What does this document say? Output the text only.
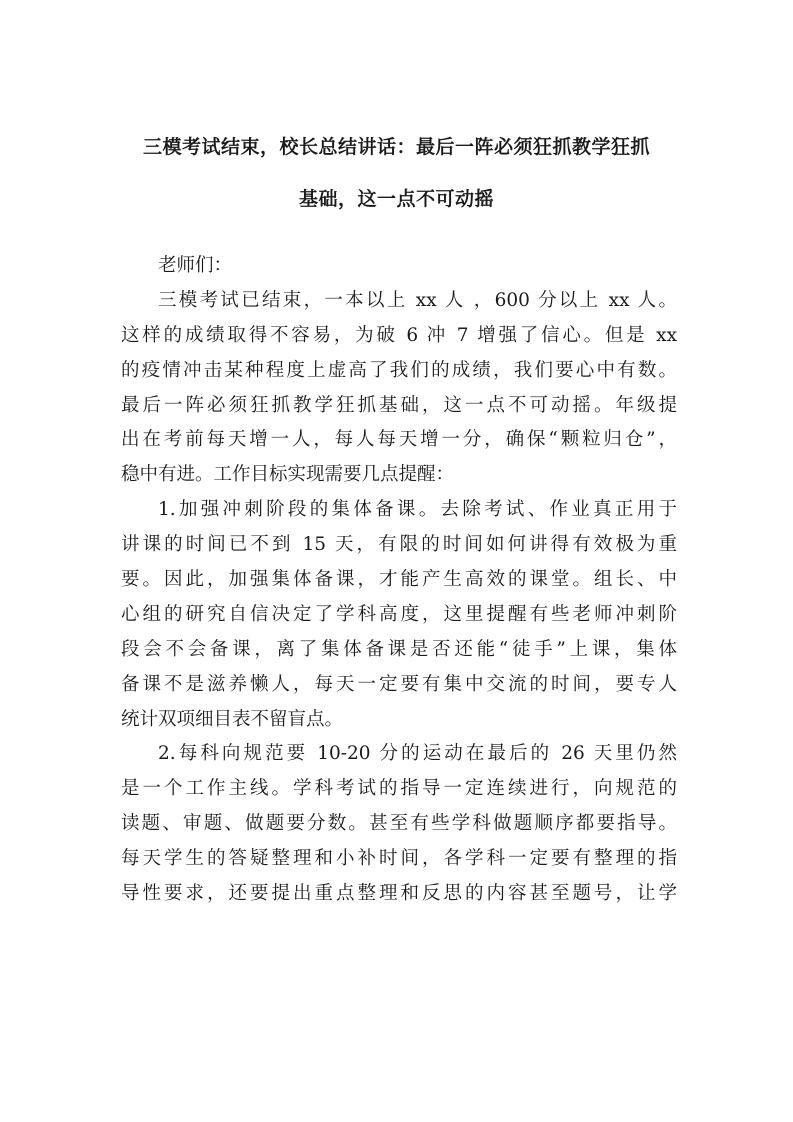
三模考试结束，校长总结讲话：最后一阵必须狂抓教学狂抓
基础，这一点不可动摇
老师们：
三模考试已结束，一本以上 xx 人 ，600 分以上 xx 人。
这样的成绩取得不容易，为破 6 冲 7 增强了信心。但是 xx
的疫情冲击某种程度上虚高了我们的成绩，我们要心中有数。
最后一阵必须狂抓教学狂抓基础，这一点不可动摇。年级提
出在考前每天增一人，每人每天增一分，确保“颗粒归仓”，
稳中有进。工作目标实现需要几点提醒：
1.加强冲刺阶段的集体备课。去除考试、作业真正用于
讲课的时间已不到 15 天，有限的时间如何讲得有效极为重
要。因此，加强集体备课，才能产生高效的课堂。组长、中
心组的研究自信决定了学科高度，这里提醒有些老师冲刺阶
段会不会备课，离了集体备课是否还能“徒手”上课，集体
备课不是滋养懒人，每天一定要有集中交流的时间，要专人
统计双项细目表不留盲点。
2.每科向规范要 10-20 分的运动在最后的 26 天里仍然
是一个工作主线。学科考试的指导一定连续进行，向规范的
读题、审题、做题要分数。甚至有些学科做题顺序都要指导。
每天学生的答疑整理和小补时间，各学科一定要有整理的指
导性要求，还要提出重点整理和反思的内容甚至题号，让学
